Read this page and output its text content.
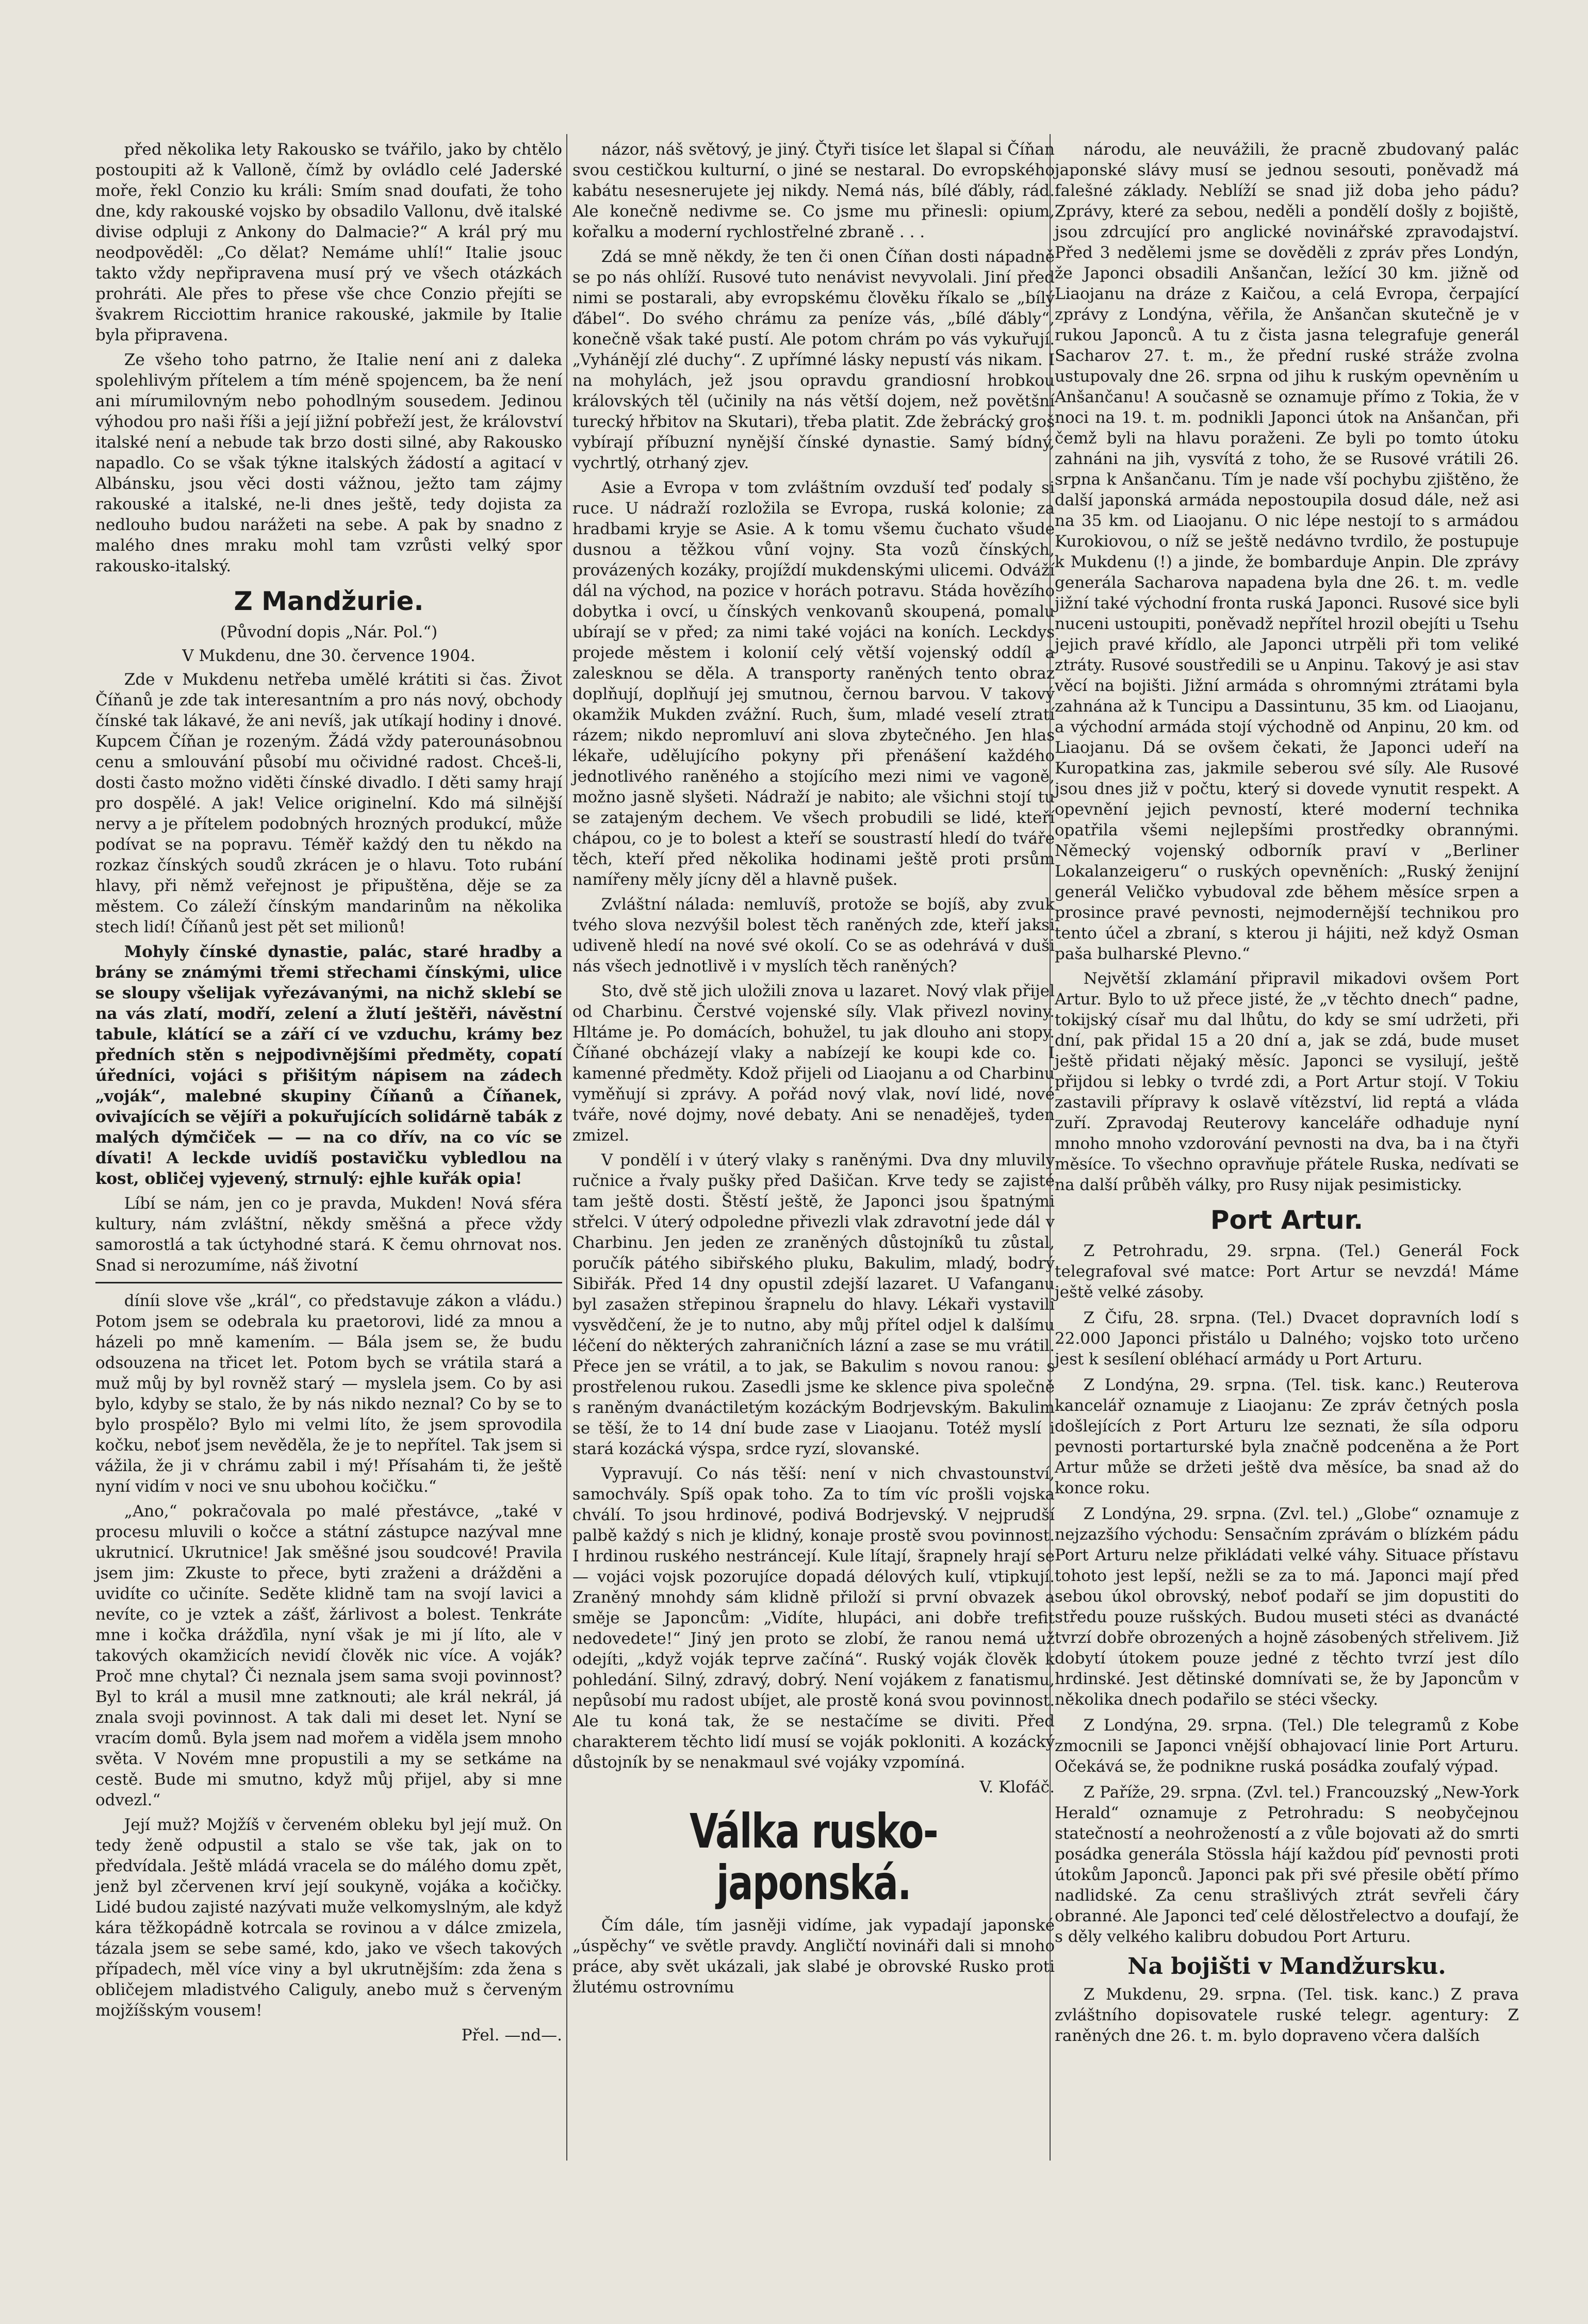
před několika lety Rakousko se tvářilo, jako by chtělo postoupiti až k Valloně, čímž by ovládlo celé Jaderské moře, řekl Conzio ku králi: Smím snad doufati, že toho dne, kdy rakouské vojsko by obsadilo Vallonu, dvě italské divise odpluji z Ankony do Dalmacie?“ A král prý mu neodpověděl: „Co dělat? Nemáme uhlí!“ Italie jsouc takto vždy nepřipravena musí prý ve všech otázkách prohráti. Ale přes to přese vše chce Conzio přejíti se švakrem Ricciottim hranice rakouské, jakmile by Italie byla připravena.

Ze všeho toho patrno, že Italie není ani z daleka spolehlivým přítelem a tím méně spojencem, ba že není ani mírumilovným nebo pohodlným sousedem. Jedinou výhodou pro naši říši a její jižní pobřeží jest, že království italské není a nebude tak brzo dosti silné, aby Rakousko napadlo. Co se však týkne italských žádostí a agitací v Albánsku, jsou věci dosti vážnou, ježto tam zájmy rakouské a italské, ne-li dnes ještě, tedy dojista za nedlouho budou narážeti na sebe. A pak by snadno z malého dnes mraku mohl tam vzrůsti velký spor rakousko-italský.

Z Mandžurie.

(Původní dopis „Nár. Pol.“)

V Mukdenu, dne 30. července 1904.

Zde v Mukdenu netřeba umělé krátiti si čas. Život Číňanů je zde tak interesantním a pro nás nový, obchody čínské tak lákavé, že ani nevíš, jak utíkají hodiny i dnové. Kupcem Číňan je rozeným. Žádá vždy paterounásobnou cenu a smlouvání působí mu očividné radost. Chceš-li, dosti často možno viděti čínské divadlo. I děti samy hrají pro dospělé. A jak! Velice originelní. Kdo má silnější nervy a je přítelem podobných hrozných produkcí, může podívat se na popravu. Téměř každý den tu někdo na rozkaz čínských soudů zkrácen je o hlavu. Toto rubání hlavy, při němž veřejnost je připuštěna, děje se za městem. Co záleží čínským mandarinům na několika stech lidí! Číňanů jest pět set milionů!

Mohyly čínské dynastie, palác, staré hradby a brány se známými třemi střechami čínskými, ulice se sloupy všelijak vyřezávanými, na nichž sklebí se na vás zlatí, modří, zelení a žlutí ještěři, návěstní tabule, klátící se a září cí ve vzduchu, krámy bez předních stěn s nejpodivnějšími předměty, copatí úředníci, vojáci s přišitým nápisem na zádech „voják“, malebné skupiny Číňanů a Číňanek, ovivajících se vějíři a pokuřujících solidárně tabák z malých dýmčiček — — na co dřív, na co víc se dívati! A leckde uvidíš postavičku vybledlou na kost, obličej vyjevený, strnulý: ejhle kuřák opia!

Líbí se nám, jen co je pravda, Mukden! Nová sféra kultury, nám zvláštní, někdy směšná a přece vždy samorostlá a tak úctyhodné stará. K čemu ohrnovat nos. Snad si nerozumíme, náš životní

díníi slove vše „král“, co představuje zákon a vládu.) Potom jsem se odebrala ku praetorovi, lidé za mnou a házeli po mně kamením. — Bála jsem se, že budu odsouzena na třicet let. Potom bych se vrátila stará a muž můj by byl rovněž starý — myslela jsem. Co by asi bylo, kdyby se stalo, že by nás nikdo neznal? Co by se to bylo prospělo? Bylo mi velmi líto, že jsem sprovodila kočku, neboť jsem nevěděla, že je to nepřítel. Tak jsem si vážila, že ji v chrámu zabil i mý! Přísahám ti, že ještě nyní vidím v noci ve snu ubohou kočičku.“

„Ano,“ pokračovala po malé přestávce, „také v procesu mluvili o kočce a státní zástupce nazýval mne ukrutnicí. Ukrutnice! Jak směšné jsou soudcové! Pravila jsem jim: Zkuste to přece, byti zraženi a drážděni a uvidíte co učiníte. Seděte klidně tam na svojí lavici a nevíte, co je vztek a zášť, žárlivost a bolest. Tenkráte mne i kočka drážďila, nyní však je mi jí líto, ale v takových okamžicích nevidí člověk nic více. A voják? Proč mne chytal? Či neznala jsem sama svoji povinnost? Byl to král a musil mne zatknouti; ale král nekrál, já znala svoji povinnost. A tak dali mi deset let. Nyní se vracím domů. Byla jsem nad mořem a viděla jsem mnoho světa. V Novém mne propustili a my se setkáme na cestě. Bude mi smutno, když můj přijel, aby si mne odvezl.“

Její muž? Mojžíš v červeném obleku byl její muž. On tedy ženě odpustil a stalo se vše tak, jak on to předvídala. Ještě mládá vracela se do málého domu zpět, jenž byl zčervenen krví její soukyně, vojáka a kočičky. Lidé budou zajisté nazývati muže velkomyslným, ale když kára těžkopádně kotrcala se rovinou a v dálce zmizela, tázala jsem se sebe samé, kdo, jako ve všech takových případech, měl více viny a byl ukrutnějším: zda žena s obličejem mladistvého Caliguly, anebo muž s červeným mojžíšským vousem!

Přel. —nd—.

názor, náš světový, je jiný. Čtyři tisíce let šlapal si Číňan svou cestičkou kulturní, o jiné se nestaral. Do evropského kabátu nesesnerujete jej nikdy. Nemá nás, bílé ďábly, rád. Ale konečně nedivme se. Co jsme mu přinesli: opium, kořalku a moderní rychlostřelné zbraně . . .

Zdá se mně někdy, že ten či onen Číňan dosti nápadně se po nás ohlíží. Rusové tuto nenávist nevyvolali. Jiní před nimi se postarali, aby evropskému člověku říkalo se „bílý ďábel“. Do svého chrámu za peníze vás, „bílé ďábly“, konečně však také pustí. Ale potom chrám po vás vykuřují. „Vyhánějí zlé duchy“. Z upřímné lásky nepustí vás nikam. I na mohylách, jež jsou opravdu grandiosní hrobkou královských těl (učinily na nás větší dojem, než povětšní turecký hřbitov na Skutari), třeba platit. Zde žebrácký groš vybírají příbuzní nynější čínské dynastie. Samý bídný, vychrtlý, otrhaný zjev.

Asie a Evropa v tom zvláštním ovzduší teď podaly si ruce. U nádraží rozložila se Evropa, ruská kolonie; za hradbami kryje se Asie. A k tomu všemu čuchato všude dusnou a těžkou vůní vojny. Sta vozů čínských, provázených kozáky, projíždí mukdenskými ulicemi. Odváží dál na východ, na pozice v horách potravu. Stáda hovězího dobytka i ovcí, u čínských venkovanů skoupená, pomalu ubírají se v před; za nimi také vojáci na koních. Leckdys projede městem i kolonií celý větší vojenský oddíl a zalesknou se děla. A transporty raněných tento obraz doplňují, doplňují jej smutnou, černou barvou. V takový okamžik Mukden zvážní. Ruch, šum, mladé veselí ztratí rázem; nikdo nepromluví ani slova zbytečného. Jen hlas lékaře, udělujícího pokyny při přenášení každého jednotlivého raněného a stojícího mezi nimi ve vagoně, možno jasně slyšeti. Nádraží je nabito; ale všichni stojí tu se zatajeným dechem. Ve všech probudili se lidé, kteří chápou, co je to bolest a kteří se soustrastí hledí do tváře těch, kteří před několika hodinami ještě proti prsům namířeny měly jícny děl a hlavně pušek.

Zvláštní nálada: nemluvíš, protože se bojíš, aby zvuk tvého slova nezvýšil bolest těch raněných zde, kteří jaksi udiveně hledí na nové své okolí. Co se as odehrává v duši nás všech jednotlivě i v myslích těch raněných?

Sto, dvě stě jich uložili znova u lazaret. Nový vlak přijel od Charbinu. Čerstvé vojenské síly. Vlak přivezl noviny. Hltáme je. Po domácích, bohužel, tu jak dlouho ani stopy. Číňané obcházejí vlaky a nabízejí ke koupi kde co. I kamenné předměty. Kdož přijeli od Liaojanu a od Charbinu vyměňují si zprávy. A pořád nový vlak, noví lidé, nové tváře, nové dojmy, nové debaty. Ani se nenaděješ, tyden zmizel.

V pondělí i v úterý vlaky s raněnými. Dva dny mluvily ručnice a řvaly pušky před Dašičan. Krve tedy se zajisté tam ještě dosti. Štěstí ještě, že Japonci jsou špatnými střelci. V úterý odpoledne přivezli vlak zdravotní jede dál v Charbinu. Jen jeden ze zraněných důstojníků tu zůstal, poručík pátého sibiřského pluku, Bakulim, mladý, bodrý Sibiřák. Před 14 dny opustil zdejší lazaret. U Vafanganu byl zasažen střepinou šrapnelu do hlavy. Lékaři vystavili vysvědčení, že je to nutno, aby můj přítel odjel k dalšímu léčení do některých zahraničních lázní a zase se mu vrátil. Přece jen se vrátil, a to jak, se Bakulim s novou ranou: s prostřelenou rukou. Zasedli jsme ke sklence piva společně s raněným dvanáctiletým kozáckým Bodrjevským. Bakulim se těší, že to 14 dní bude zase v Liaojanu. Totéž myslí i stará kozácká výspa, srdce ryzí, slovanské.

Vypravují. Co nás těší: není v nich chvastounství, samochvály. Spíš opak toho. Za to tím víc prošli vojska chválí. To jsou hrdinové, podivá Bodrjevský. V nejprudší palbě každý s nich je klidný, konaje prostě svou povinnost. I hrdinou ruského nestráncejí. Kule lítají, šrapnely hrají se — vojáci vojsk pozorujíce dopadá délových kulí, vtipkují. Zraněný mnohdy sám klidně přiloží si první obvazek a směje se Japoncům: „Vidíte, hlupáci, ani dobře trefit nedovedete!“ Jiný jen proto se zlobí, že ranou nemá už odejíti, „když voják teprve začíná“. Ruský voják člověk k pohledání. Silný, zdravý, dobrý. Není vojákem z fanatismu, nepůsobí mu radost ubíjet, ale prostě koná svou povinnost. Ale tu koná tak, že se nestačíme se diviti. Před charakterem těchto lidí musí se voják pokloniti. A kozácký důstojník by se nenakmaul své vojáky vzpomíná.

V. Klofáč.

Válka rusko-japonská.

Čím dále, tím jasněji vidíme, jak vypadají japonské „úspěchy“ ve světle pravdy. Angličtí novináři dali si mnoho práce, aby svět ukázali, jak slabé je obrovské Rusko proti žlutému ostrovnímu

národu, ale neuvážili, že pracně zbudovaný palác japonské slávy musí se jednou sesouti, poněvadž má falešné základy. Neblíží se snad již doba jeho pádu? Zprávy, které za sebou, neděli a pondělí došly z bojiště, jsou zdrcující pro anglické novinářské zpravodajství. Před 3 nedělemi jsme se dověděli z zpráv přes Londýn, že Japonci obsadili Anšančan, ležící 30 km. jižně od Liaojanu na dráze z Kaičou, a celá Evropa, čerpající zprávy z Londýna, věřila, že Anšančan skutečně je v rukou Japonců. A tu z čista jasna telegrafuje generál Sacharov 27. t. m., že přední ruské stráže zvolna ustupovaly dne 26. srpna od jihu k ruským opevněním u Anšančanu! A současně se oznamuje přímo z Tokia, že v noci na 19. t. m. podnikli Japonci útok na Anšančan, při čemž byli na hlavu poraženi. Ze byli po tomto útoku zahnáni na jih, vysvítá z toho, že se Rusové vrátili 26. srpna k Anšančanu. Tím je nade vší pochybu zjištěno, že další japonská armáda nepostoupila dosud dále, než asi na 35 km. od Liaojanu. O nic lépe nestojí to s armádou Kurokiovou, o níž se ještě nedávno tvrdilo, že postupuje k Mukdenu (!) a jinde, že bombarduje Anpin. Dle zprávy generála Sacharova napadena byla dne 26. t. m. vedle jižní také východní fronta ruská Japonci. Rusové sice byli nuceni ustoupiti, poněvadž nepřítel hrozil obejíti u Tsehu jejich pravé křídlo, ale Japonci utrpěli při tom veliké ztráty. Rusové soustředili se u Anpinu. Takový je asi stav věcí na bojišti. Jižní armáda s ohromnými ztrátami byla zahnána až k Tuncipu a Dassintunu, 35 km. od Liaojanu, a východní armáda stojí východně od Anpinu, 20 km. od Liaojanu. Dá se ovšem čekati, že Japonci udeří na Kuropatkina zas, jakmile seberou své síly. Ale Rusové jsou dnes již v počtu, který si dovede vynutit respekt. A opevnění jejich pevností, které moderní technika opatřila všemi nejlepšími prostředky obrannými. Německý vojenský odborník praví v „Berliner Lokalanzeigeru“ o ruských opevněních: „Ruský ženijní generál Veličko vybudoval zde během měsíce srpen a prosince pravé pevnosti, nejmodernější technikou pro tento účel a zbraní, s kterou ji hájiti, než když Osman paša bulharské Plevno.“

Největší zklamání připravil mikadovi ovšem Port Artur. Bylo to už přece jisté, že „v těchto dnech“ padne, tokijský císař mu dal lhůtu, do kdy se smí udržeti, při dní, pak přidal 15 a 20 dní a, jak se zdá, bude muset ještě přidati nějaký měsíc. Japonci se vysilují, ještě přijdou si lebky o tvrdé zdi, a Port Artur stojí. V Tokiu zastavili přípravy k oslavě vítězství, lid reptá a vláda zuří. Zpravodaj Reuterovy kanceláře odhaduje nyní mnoho mnoho vzdorování pevnosti na dva, ba i na čtyři měsíce. To všechno opravňuje přátele Ruska, nedívati se na další průběh války, pro Rusy nijak pesimisticky.

Port Artur.

Z Petrohradu, 29. srpna. (Tel.) Generál Fock telegrafoval své matce: Port Artur se nevzdá! Máme ještě velké zásoby.

Z Čifu, 28. srpna. (Tel.) Dvacet dopravních lodí s 22.000 Japonci přistálo u Dalného; vojsko toto určeno jest k sesílení obléhací armády u Port Arturu.

Z Londýna, 29. srpna. (Tel. tisk. kanc.) Reuterova kancelář oznamuje z Liaojanu: Ze zpráv četných posla došlejících z Port Arturu lze seznati, že síla odporu pevnosti portarturské byla značně podceněna a že Port Artur může se držeti ještě dva měsíce, ba snad až do konce roku.

Z Londýna, 29. srpna. (Zvl. tel.) „Globe“ oznamuje z nejzazšího východu: Sensačním zprávám o blízkém pádu Port Arturu nelze přikládati velké váhy. Situace přístavu tohoto jest lepší, nežli se za to má. Japonci mají před sebou úkol obrovský, neboť podaří se jim dopustiti do středu pouze rušských. Budou museti stéci as dvanácté tvrzí dobře obrozených a hojně zásobených střelivem. Již dobytí útokem pouze jedné z těchto tvrzí jest dílo hrdinské. Jest dětinské domnívati se, že by Japoncům v několika dnech podařilo se stéci všecky.

Z Londýna, 29. srpna. (Tel.) Dle telegramů z Kobe zmocnili se Japonci vnější obhajovací linie Port Arturu. Očekává se, že podnikne ruská posádka zoufalý výpad.

Z Paříže, 29. srpna. (Zvl. tel.) Francouzský „New-York Herald“ oznamuje z Petrohradu: S neobyčejnou statečností a neohrožeností a z vůle bojovati až do smrti posádka generála Stössla hájí každou píď pevnosti proti útokům Japonců. Japonci pak při své přesile obětí přímo nadlidské. Za cenu strašlivých ztrát sevřeli čáry obranné. Ale Japonci teď celé dělostřelectvo a doufají, že s děly velkého kalibru dobudou Port Arturu.

Na bojišti v Mandžursku.

Z Mukdenu, 29. srpna. (Tel. tisk. kanc.) Z prava zvláštního dopisovatele ruské telegr. agentury: Z raněných dne 26. t. m. bylo dopraveno včera dalších
